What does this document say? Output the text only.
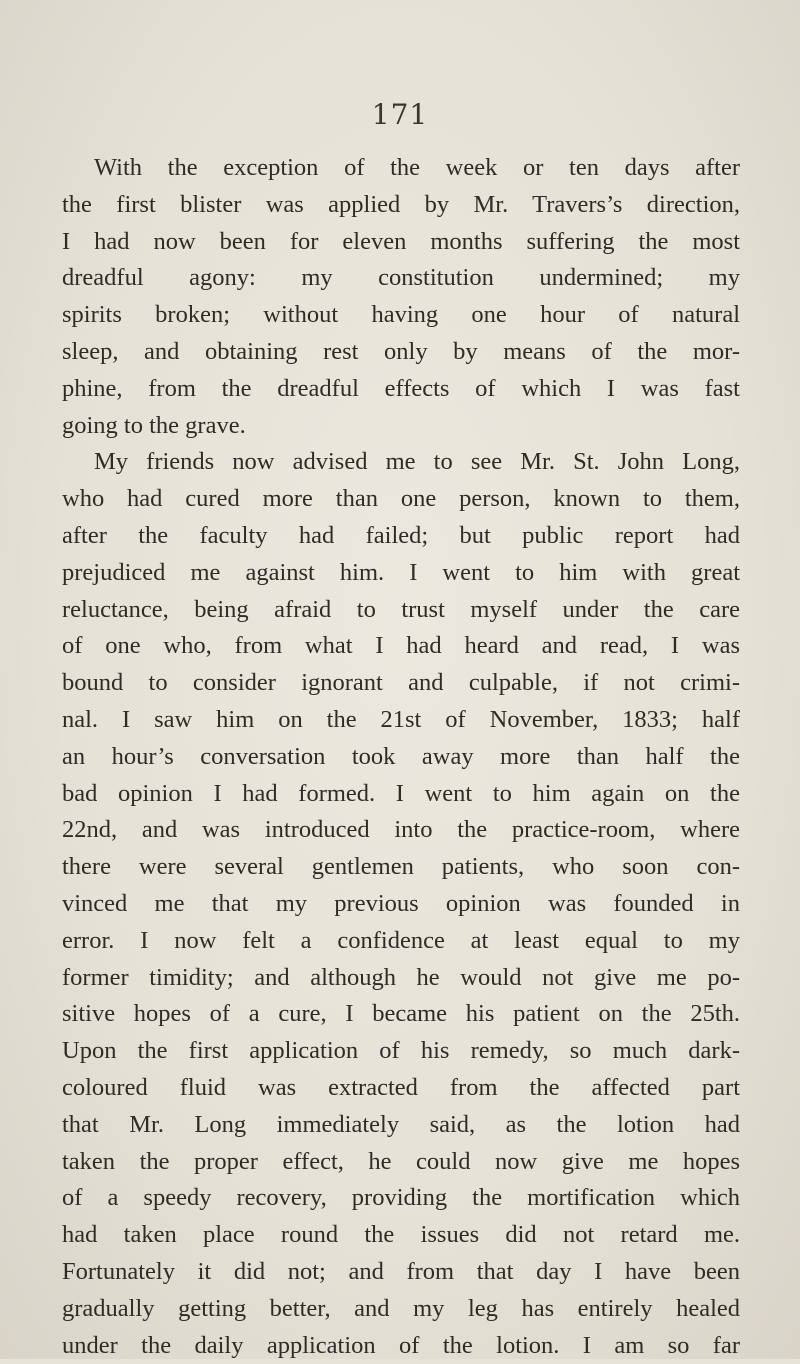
171
With the exception of the week or ten days after
the first blister was applied by Mr. Travers’s direction,
I had now been for eleven months suffering the most
dreadful agony: my constitution undermined; my
spirits broken; without having one hour of natural
sleep, and obtaining rest only by means of the mor-
phine, from the dreadful effects of which I was fast
going to the grave.
My friends now advised me to see Mr. St. John Long,
who had cured more than one person, known to them,
after the faculty had failed; but public report had
prejudiced me against him. I went to him with great
reluctance, being afraid to trust myself under the care
of one who, from what I had heard and read, I was
bound to consider ignorant and culpable, if not crimi-
nal. I saw him on the 21st of November, 1833; half
an hour’s conversation took away more than half the
bad opinion I had formed. I went to him again on the
22nd, and was introduced into the practice-room, where
there were several gentlemen patients, who soon con-
vinced me that my previous opinion was founded in
error. I now felt a confidence at least equal to my
former timidity; and although he would not give me po-
sitive hopes of a cure, I became his patient on the 25th.
Upon the first application of his remedy, so much dark-
coloured fluid was extracted from the affected part
that Mr. Long immediately said, as the lotion had
taken the proper effect, he could now give me hopes
of a speedy recovery, providing the mortification which
had taken place round the issues did not retard me.
Fortunately it did not; and from that day I have been
gradually getting better, and my leg has entirely healed
under the daily application of the lotion. I am so far
